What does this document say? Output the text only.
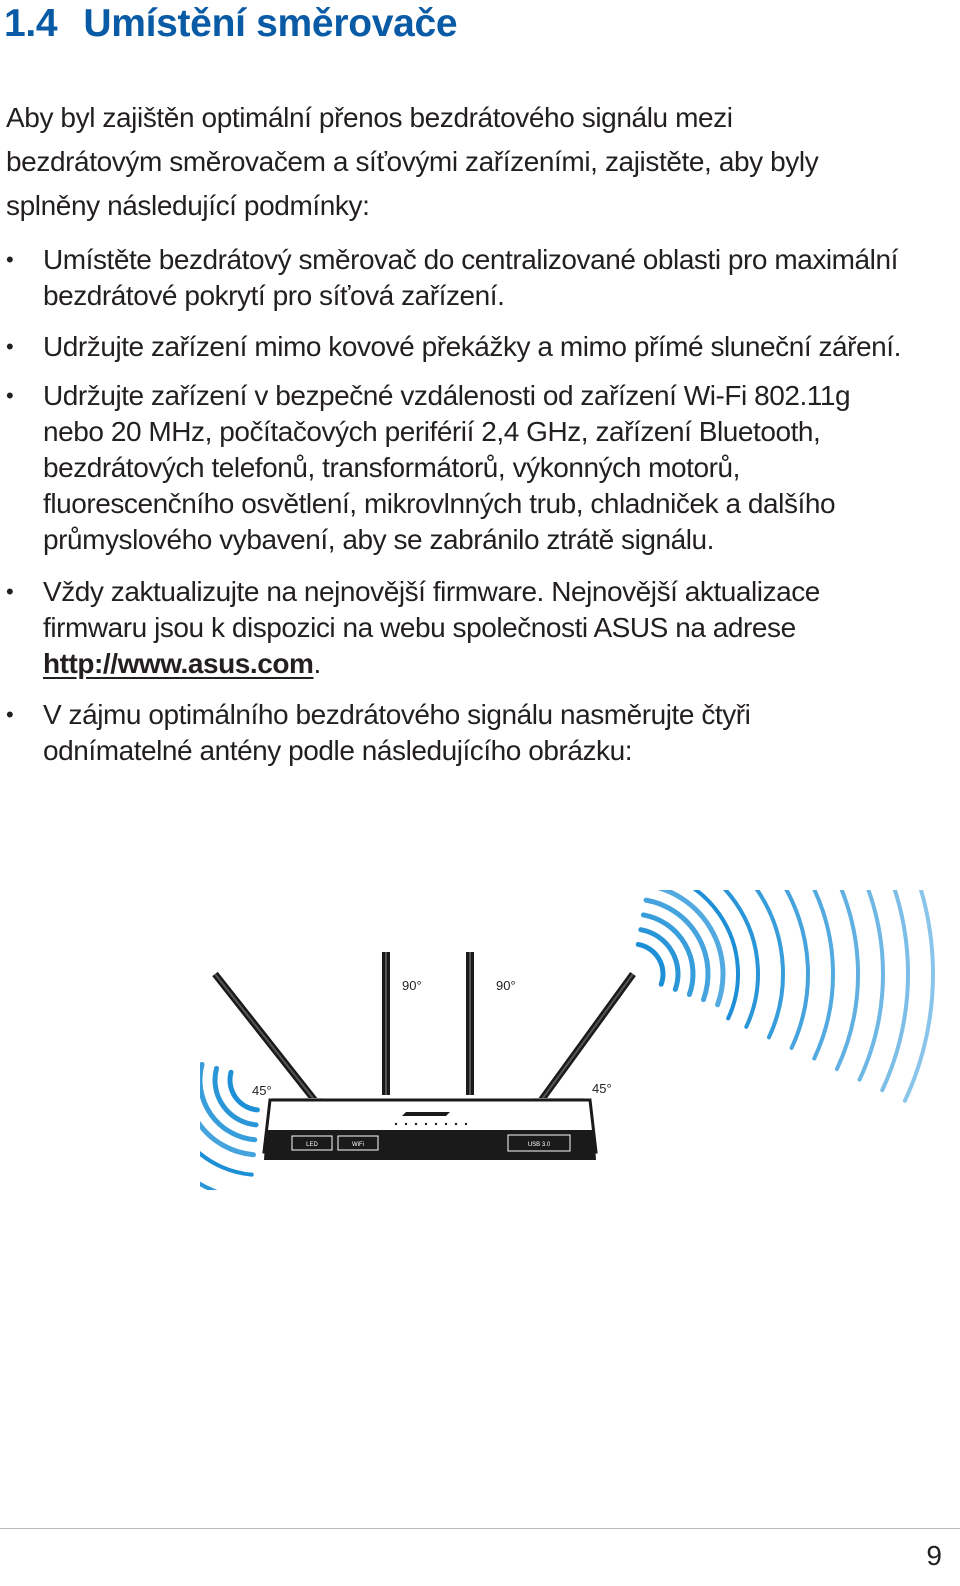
1.4 Umístění směrovače

Aby byl zajištěn optimální přenos bezdrátového signálu mezi bezdrátovým směrovačem a síťovými zařízeními, zajistěte, aby byly splněny následující podmínky:

• Umístěte bezdrátový směrovač do centralizované oblasti pro maximální bezdrátové pokrytí pro síťová zařízení.
• Udržujte zařízení mimo kovové překážky a mimo přímé sluneční záření.
• Udržujte zařízení v bezpečné vzdálenosti od zařízení Wi-Fi 802.11g nebo 20 MHz, počítačových periférií 2,4 GHz, zařízení Bluetooth, bezdrátových telefonů, transformátorů, výkonných motorů, fluorescenčního osvětlení, mikrovlnných trub, chladniček a dalšího průmyslového vybavení, aby se zabránilo ztrátě signálu.
• Vždy zaktualizujte na nejnovější firmware. Nejnovější aktualizace firmwaru jsou k dispozici na webu společnosti ASUS na adrese http://www.asus.com.
• V zájmu optimálního bezdrátového signálu nasměrujte čtyři odnímatelné antény podle následujícího obrázku:
LED	WiFi	USB 3.0
90°	90°
45°	45°
9
